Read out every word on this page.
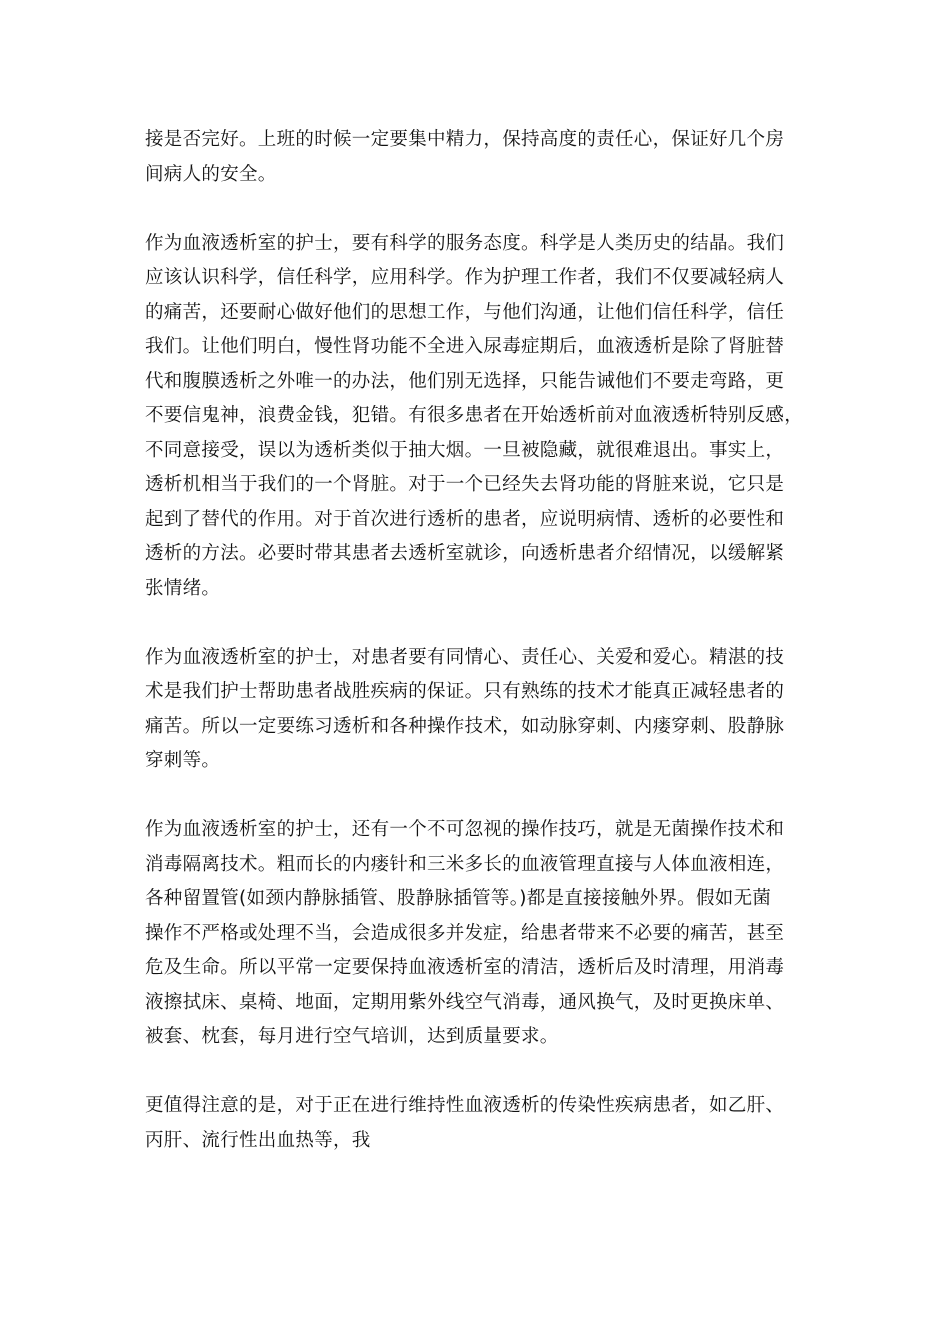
接是否完好。上班的时候一定要集中精力，保持高度的责任心，保证好几个房
间病人的安全。

作为血液透析室的护士，要有科学的服务态度。科学是人类历史的结晶。我们
应该认识科学，信任科学，应用科学。作为护理工作者，我们不仅要减轻病人
的痛苦，还要耐心做好他们的思想工作，与他们沟通，让他们信任科学，信任
我们。让他们明白，慢性肾功能不全进入尿毒症期后，血液透析是除了肾脏替
代和腹膜透析之外唯一的办法，他们别无选择，只能告诫他们不要走弯路，更
不要信鬼神，浪费金钱，犯错。有很多患者在开始透析前对血液透析特别反感，
不同意接受，误以为透析类似于抽大烟。一旦被隐藏，就很难退出。事实上，
透析机相当于我们的一个肾脏。对于一个已经失去肾功能的肾脏来说，它只是
起到了替代的作用。对于首次进行透析的患者，应说明病情、透析的必要性和
透析的方法。必要时带其患者去透析室就诊，向透析患者介绍情况，以缓解紧
张情绪。

作为血液透析室的护士，对患者要有同情心、责任心、关爱和爱心。精湛的技
术是我们护士帮助患者战胜疾病的保证。只有熟练的技术才能真正减轻患者的
痛苦。所以一定要练习透析和各种操作技术，如动脉穿刺、内瘘穿刺、股静脉
穿刺等。

作为血液透析室的护士，还有一个不可忽视的操作技巧，就是无菌操作技术和
消毒隔离技术。粗而长的内瘘针和三米多长的血液管理直接与人体血液相连，
各种留置管(如颈内静脉插管、股静脉插管等。)都是直接接触外界。假如无菌
操作不严格或处理不当，会造成很多并发症，给患者带来不必要的痛苦，甚至
危及生命。所以平常一定要保持血液透析室的清洁，透析后及时清理，用消毒
液擦拭床、桌椅、地面，定期用紫外线空气消毒，通风换气，及时更换床单、
被套、枕套，每月进行空气培训，达到质量要求。

更值得注意的是，对于正在进行维持性血液透析的传染性疾病患者，如乙肝、
丙肝、流行性出血热等，我
